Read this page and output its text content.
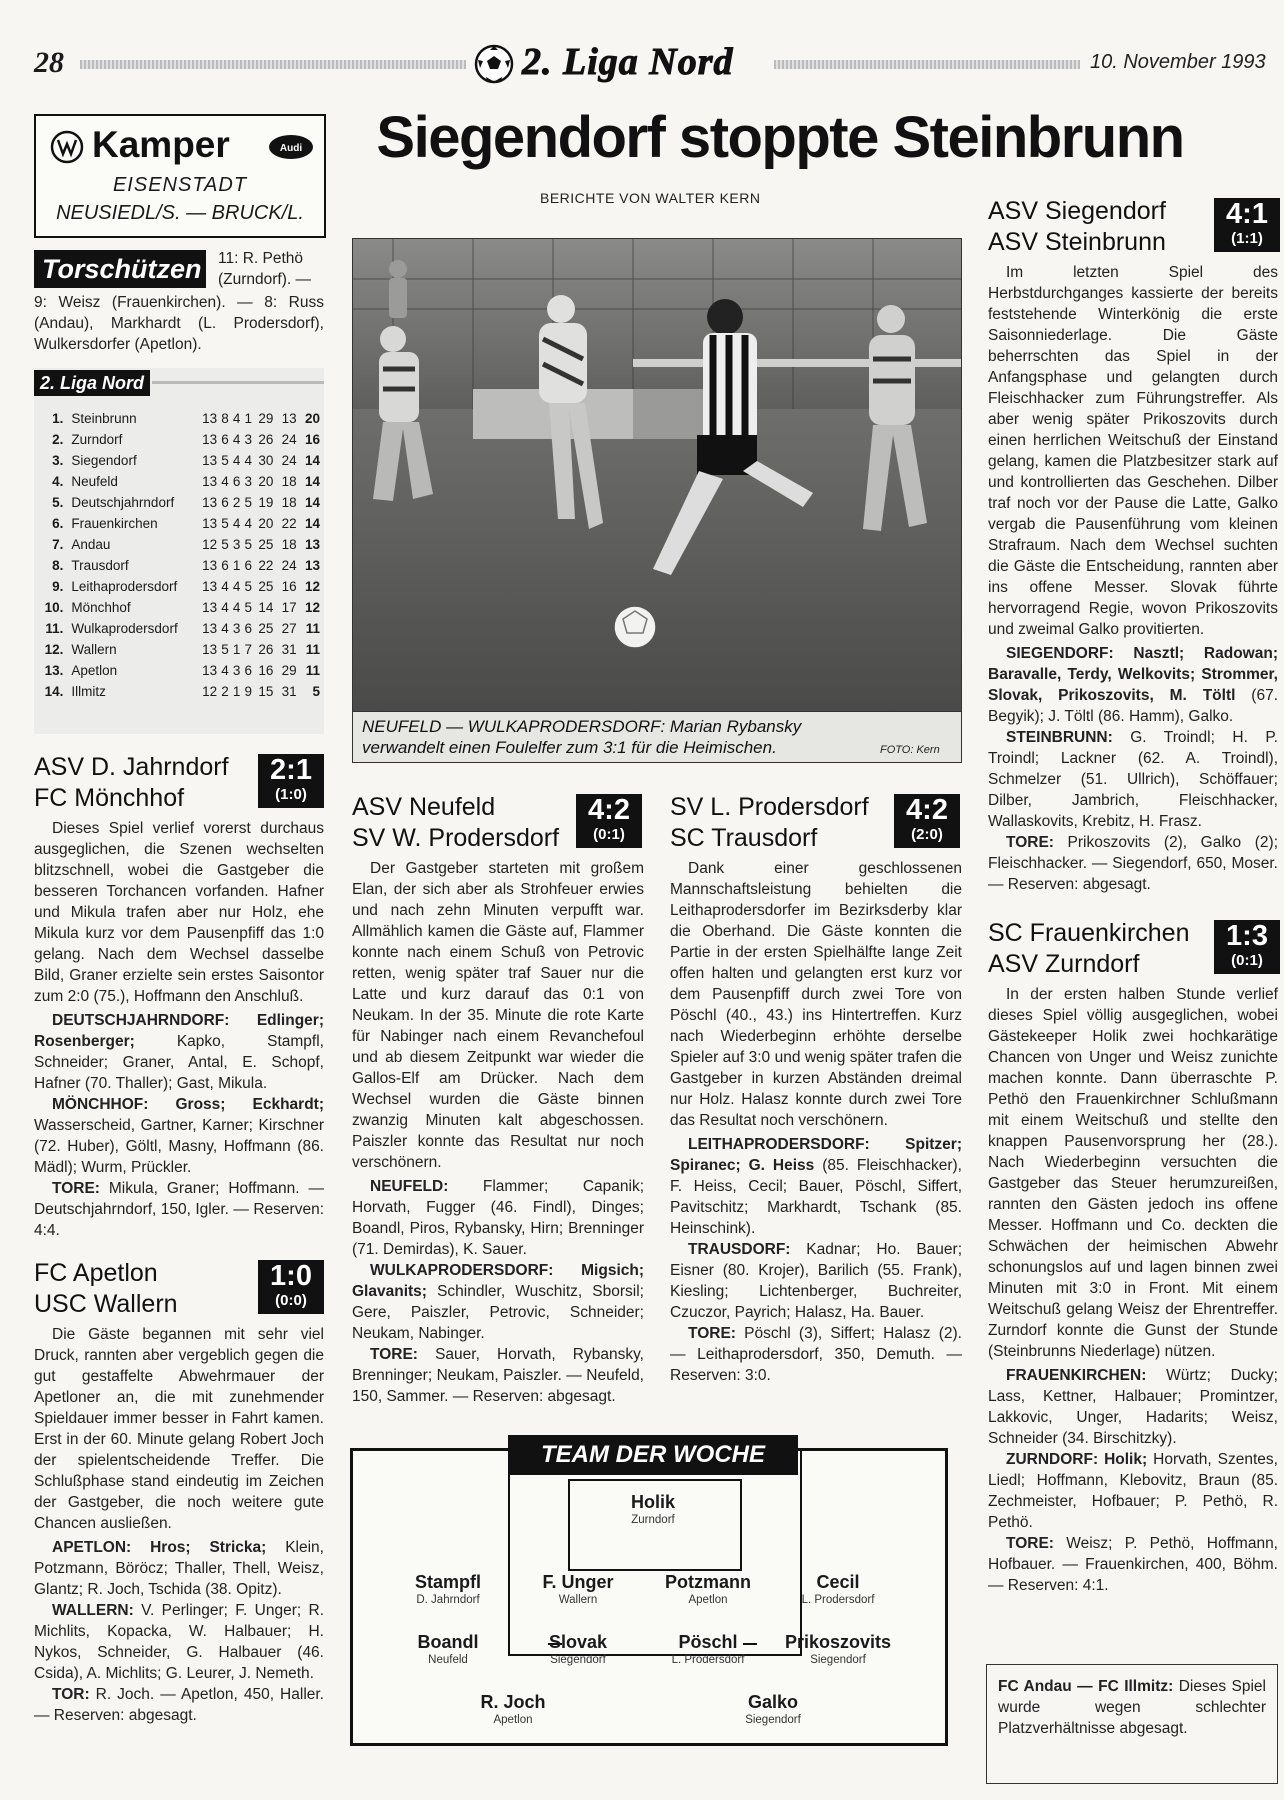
28	2. Liga Nord	10. November 1993
Kamper	Audi
EISENSTADT
NEUSIEDL/S. — BRUCK/L.
Torschützen 11: R. Pethö (Zurndorf). —
9: Weisz (Frauenkirchen). — 8: Russ (Andau), Markhardt (L. Prodersdorf), Wulkersdorfer (Apetlon).
2. Liga Nord
1.	Steinbrunn	13	8	4	1	29	13	20
2.	Zurndorf	13	6	4	3	26	24	16
3.	Siegendorf	13	5	4	4	30	24	14
4.	Neufeld	13	4	6	3	20	18	14
5.	Deutschjahrndorf	13	6	2	5	19	18	14
6.	Frauenkirchen	13	5	4	4	20	22	14
7.	Andau	12	5	3	5	25	18	13
8.	Trausdorf	13	6	1	6	22	24	13
9.	Leithaprodersdorf	13	4	4	5	25	16	12
10.	Mönchhof	13	4	4	5	14	17	12
11.	Wulkaprodersdorf	13	4	3	6	25	27	11
12.	Wallern	13	5	1	7	26	31	11
13.	Apetlon	13	4	3	6	16	29	11
14.	Illmitz	12	2	1	9	15	31	5
Siegendorf stoppte Steinbrunn
BERICHTE VON WALTER KERN
NEUFELD — WULKAPRODERSDORF: Marian Rybansky verwandelt einen Foulelfer zum 3:1 für die Heimischen.	FOTO: Kern
ASV D. Jahrndorf
FC Mönchhof

Dieses Spiel verlief vorerst durchaus ausgeglichen, die Szenen wechselten blitzschnell, wobei die Gastgeber die besseren Torchancen vorfanden. Hafner und Mikula trafen aber nur Holz, ehe Mikula kurz vor dem Pausenpfiff das 1:0 gelang. Nach dem Wechsel dasselbe Bild, Graner erzielte sein erstes Saisontor zum 2:0 (75.), Hoffmann den Anschluß.

DEUTSCHJAHRNDORF: Edlinger; Rosenberger; Kapko, Stampfl, Schneider; Graner, Antal, E. Schopf, Hafner (70. Thaller); Gast, Mikula.

MÖNCHHOF: Gross; Eckhardt; Wasserscheid, Gartner, Karner; Kirschner (72. Huber), Göltl, Masny, Hoffmann (86. Mädl); Wurm, Prückler.

TORE: Mikula, Graner; Hoffmann. — Deutschjahrndorf, 150, Igler. — Reserven: 4:4.

2:1
(1:0)
FC Apetlon
USC Wallern

Die Gäste begannen mit sehr viel Druck, rannten aber vergeblich gegen die gut gestaffelte Abwehrmauer der Apetloner an, die mit zunehmender Spieldauer immer besser in Fahrt kamen. Erst in der 60. Minute gelang Robert Joch der spielentscheidende Treffer. Die Schlußphase stand eindeutig im Zeichen der Gastgeber, die noch weitere gute Chancen ausließen.

APETLON: Hros; Stricka; Klein, Potzmann, Böröcz; Thaller, Thell, Weisz, Glantz; R. Joch, Tschida (38. Opitz).

WALLERN: V. Perlinger; F. Unger; R. Michlits, Kopacka, W. Halbauer; H. Nykos, Schneider, G. Halbauer (46. Csida), A. Michlits; G. Leurer, J. Nemeth.

TOR: R. Joch. — Apetlon, 450, Haller. — Reserven: abgesagt.

1:0
(0:0)
ASV Neufeld
SV W. Prodersdorf

Der Gastgeber starteten mit großem Elan, der sich aber als Strohfeuer erwies und nach zehn Minuten verpufft war. Allmählich kamen die Gäste auf, Flammer konnte nach einem Schuß von Petrovic retten, wenig später traf Sauer nur die Latte und kurz darauf das 0:1 von Neukam. In der 35. Minute die rote Karte für Nabinger nach einem Revanchefoul und ab diesem Zeitpunkt war wieder die Gallos-Elf am Drücker. Nach dem Wechsel wurden die Gäste binnen zwanzig Minuten kalt abgeschossen. Paiszler konnte das Resultat nur noch verschönern.

NEUFELD: Flammer; Capanik; Horvath, Fugger (46. Findl), Dinges; Boandl, Piros, Rybansky, Hirn; Brenninger (71. Demirdas), K. Sauer.

WULKAPRODERSDORF: Migsich; Glavanits; Schindler, Wuschitz, Sborsil; Gere, Paiszler, Petrovic, Schneider; Neukam, Nabinger.

TORE: Sauer, Horvath, Rybansky, Brenninger; Neukam, Paiszler. — Neufeld, 150, Sammer. — Reserven: abgesagt.

4:2
(0:1)
SV L. Prodersdorf
SC Trausdorf

Dank einer geschlossenen Mannschaftsleistung behielten die Leithaprodersdorfer im Bezirksderby klar die Oberhand. Die Gäste konnten die Partie in der ersten Spielhälfte lange Zeit offen halten und gelangten erst kurz vor dem Pausenpfiff durch zwei Tore von Pöschl (40., 43.) ins Hintertreffen. Kurz nach Wiederbeginn erhöhte derselbe Spieler auf 3:0 und wenig später trafen die Gastgeber in kurzen Abständen dreimal nur Holz. Halasz konnte durch zwei Tore das Resultat noch verschönern.

LEITHAPRODERSDORF: Spitzer; Spiranec; G. Heiss (85. Fleischhacker), F. Heiss, Cecil; Bauer, Pöschl, Siffert, Pavitschitz; Markhardt, Tschank (85. Heinschink).

TRAUSDORF: Kadnar; Ho. Bauer; Eisner (80. Krojer), Barilich (55. Frank), Kiesling; Lichtenberger, Buchreiter, Czuczor, Payrich; Halasz, Ha. Bauer.

TORE: Pöschl (3), Siffert; Halasz (2). — Leithaprodersdorf, 350, Demuth. — Reserven: 3:0.

4:2
(2:0)
ASV Siegendorf
ASV Steinbrunn

Im letzten Spiel des Herbstdurchganges kassierte der bereits feststehende Winterkönig die erste Saisonniederlage. Die Gäste beherrschten das Spiel in der Anfangsphase und gelangten durch Fleischhacker zum Führungstreffer. Als aber wenig später Prikoszovits durch einen herrlichen Weitschuß der Einstand gelang, kamen die Platzbesitzer stark auf und kontrollierten das Geschehen. Dilber traf noch vor der Pause die Latte, Galko vergab die Pausenführung vom kleinen Strafraum. Nach dem Wechsel suchten die Gäste die Entscheidung, rannten aber ins offene Messer. Slovak führte hervorragend Regie, wovon Prikoszovits und zweimal Galko provitierten.

SIEGENDORF: Nasztl; Radowan; Baravalle, Terdy, Welkovits; Strommer, Slovak, Prikoszovits, M. Töltl (67. Begyik); J. Töltl (86. Hamm), Galko.

STEINBRUNN: G. Troindl; H. P. Troindl; Lackner (62. A. Troindl), Schmelzer (51. Ullrich), Schöffauer; Dilber, Jambrich, Fleischhacker, Wallaskovits, Krebitz, H. Frasz.

TORE: Prikoszovits (2), Galko (2); Fleischhacker. — Siegendorf, 650, Moser. — Reserven: abgesagt.

4:1
(1:1)
SC Frauenkirchen
ASV Zurndorf

In der ersten halben Stunde verlief dieses Spiel völlig ausgeglichen, wobei Gästekeeper Holik zwei hochkarätige Chancen von Unger und Weisz zunichte machen konnte. Dann überraschte P. Pethö den Frauenkirchner Schlußmann mit einem Weitschuß und stellte den knappen Pausenvorsprung her (28.). Nach Wiederbeginn versuchten die Gastgeber das Steuer herumzureißen, rannten den Gästen jedoch ins offene Messer. Hoffmann und Co. deckten die Schwächen der heimischen Abwehr schonungslos auf und lagen binnen zwei Minuten mit 3:0 in Front. Mit einem Weitschuß gelang Weisz der Ehrentreffer. Zurndorf konnte die Gunst der Stunde (Steinbrunns Niederlage) nützen.

FRAUENKIRCHEN: Würtz; Ducky; Lass, Kettner, Halbauer; Promintzer, Lakkovic, Unger, Hadarits; Weisz, Schneider (34. Birschitzky).

ZURNDORF: Holik; Horvath, Szentes, Liedl; Hoffmann, Klebovitz, Braun (85. Zechmeister, Hofbauer; P. Pethö, R. Pethö.

TORE: Weisz; P. Pethö, Hoffmann, Hofbauer. — Frauenkirchen, 400, Böhm. — Reserven: 4:1.

1:3
(0:1)
FC Andau — FC Illmitz: Dieses Spiel wurde wegen schlechter Platzverhältnisse abgesagt.
TEAM DER WOCHE
Holik
Zurndorf
Stampfl
D. Jahrndorf
F. Unger
Wallern
Potzmann
Apetlon
Cecil
L. Prodersdorf
Boandl
Neufeld
Slovak
Siegendorf
Pöschl
L. Prodersdorf
Prikoszovits
Siegendorf
R. Joch
Apetlon
Galko
Siegendorf
